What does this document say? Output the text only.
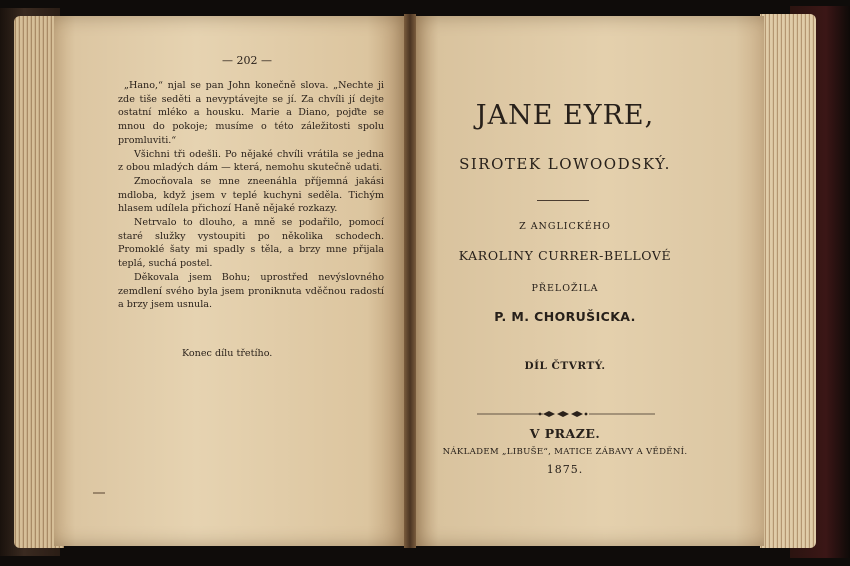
— 202 —

„Hano,“ njal se pan John konečně slova. „Nechte ji zde tiše seděti a nevyptávejte se jí. Za chvíli jí dejte ostatní mléko a housku. Marie a Diano, pojďte se mnou do pokoje; musíme o této záležitosti spolu promluviti.“

Všichni tři odešli. Po nějaké chvíli vrátila se jedna z obou mladých dám — která, nemohu skutečně udati.

Zmocňovala se mne zneenáhla příjemná jakási mdloba, když jsem v teplé kuchyni seděla. Tichým hlasem udílela přichozí Haně nějaké rozkazy.

Netrvalo to dlouho, a mně se podařilo, pomocí staré služky vystoupiti po několika schodech. Promoklé šaty mi spadly s těla, a brzy mne přijala teplá, suchá postel.

Děkovala jsem Bohu; uprostřed nevýslovného zemdlení svého byla jsem proniknuta vděčnou radostí a brzy jsem usnula.

Konec dílu třetího.
JANE EYRE,
SIROTEK LOWOODSKÝ.
Z ANGLICKÉHO
KAROLINY CURRER-BELLOVÉ
PŘELOŽILA
P. M. CHORUŠICKA.
DÍL ČTVRTÝ.
V PRAZE.
NÁKLADEM „LIBUŠE“, MATICE ZÁBAVY A VĚDĚNÍ.
1875.
